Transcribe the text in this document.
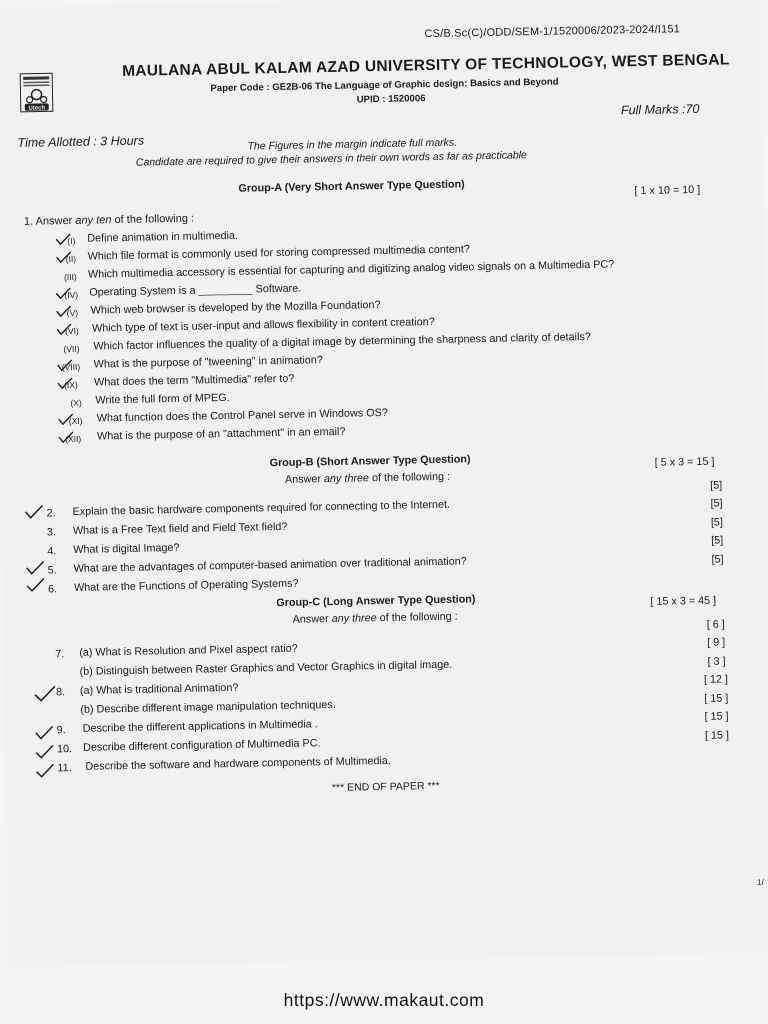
CS/B.Sc(C)/ODD/SEM-1/1520006/2023-2024/I151
Utech
MAULANA ABUL KALAM AZAD UNIVERSITY OF TECHNOLOGY, WEST BENGAL
Paper Code : GE2B-06 The Language of Graphic design: Basics and Beyond
UPID : 1520006
Full Marks :70
Time Allotted : 3 Hours	The Figures in the margin indicate full marks.
Candidate are required to give their answers in their own words as far as practicable
Group-A (Very Short Answer Type Question)	[ 1 x 10 = 10 ]
1. Answer any ten of the following :
(I) Define animation in multimedia.
(II) Which file format is commonly used for storing compressed multimedia content?
(III) Which multimedia accessory is essential for capturing and digitizing analog video signals on a Multimedia PC?
(IV) Operating System is a _________ Software.
(V) Which web browser is developed by the Mozilla Foundation?
(VI) Which type of text is user-input and allows flexibility in content creation?
(VII) Which factor influences the quality of a digital image by determining the sharpness and clarity of details?
(VIII) What is the purpose of "tweening" in animation?
(IX) What does the term "Multimedia" refer to?
(X) Write the full form of MPEG.
(XI) What function does the Control Panel serve in Windows OS?
(XII) What is the purpose of an "attachment" in an email?
Group-B (Short Answer Type Question)
Answer any three of the following :
[ 5 x 3 = 15 ]
2. Explain the basic hardware components required for connecting to the Internet.
[5]
3. What is a Free Text field and Field Text field?
[5]
4. What is digital Image?
[5]
5. What are the advantages of computer-based animation over traditional animation?
[5]
6. What are the Functions of Operating Systems?
[5]
Group-C (Long Answer Type Question)
Answer any three of the following :
[ 15 x 3 = 45 ]
7. (a) What is Resolution and Pixel aspect ratio?
[ 6 ]
(b) Distinguish between Raster Graphics and Vector Graphics in digital image.
[ 9 ]
8. (a) What is traditional Animation?
[ 3 ]
(b) Describe different image manipulation techniques.
[ 12 ]
9. Describe the different applications in Multimedia .
[ 15 ]
10. Describe different configuration of Multimedia PC.
[ 15 ]
11. Describe the software and hardware components of Multimedia.
[ 15 ]
*** END OF PAPER ***
1/
https://www.makaut.com
